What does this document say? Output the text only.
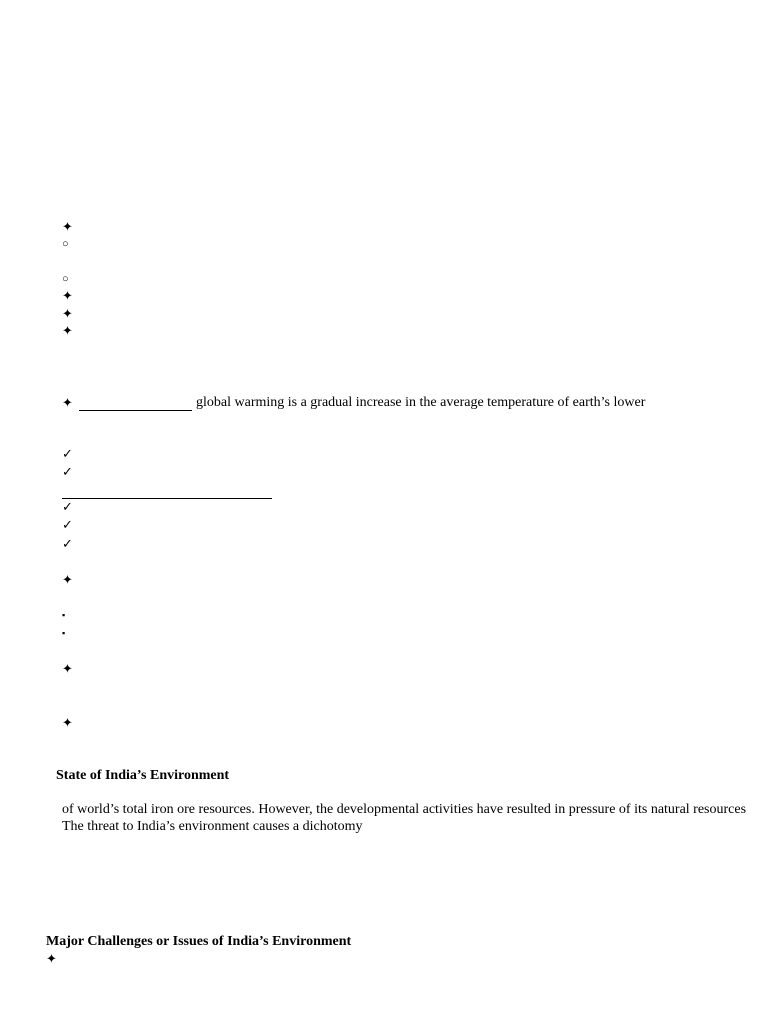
✦
○
○
✦
✦
✦
✦	global warming is a gradual increase in the average temperature of earth’s lower
✓
✓
✓
✓
✓
✦
▪
▪
✦
✦
State of India’s Environment
of world’s total iron ore resources. However, the developmental activities have resulted in pressure of its natural resources
The threat to India’s environment causes a dichotomy
Major Challenges or Issues of India’s Environment
✦
